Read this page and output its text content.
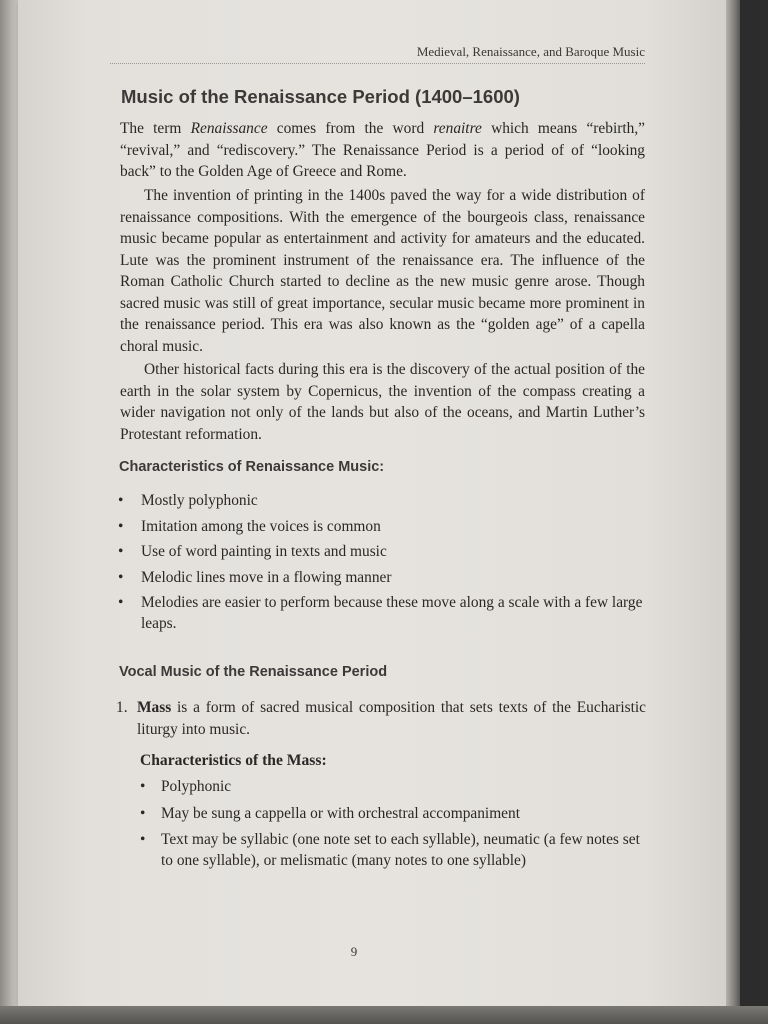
Medieval, Renaissance, and Baroque Music
Music of the Renaissance Period (1400–1600)

The term Renaissance comes from the word renaitre which means “rebirth,” “revival,” and “rediscovery.” The Renaissance Period is a period of of “looking back” to the Golden Age of Greece and Rome.

The invention of printing in the 1400s paved the way for a wide distribution of renaissance compositions. With the emergence of the bourgeois class, renaissance music became popular as entertainment and activity for amateurs and the educated. Lute was the prominent instrument of the renaissance era. The influence of the Roman Catholic Church started to decline as the new music genre arose. Though sacred music was still of great importance, secular music became more prominent in the renaissance period. This era was also known as the “golden age” of a capella choral music.

Other historical facts during this era is the discovery of the actual position of the earth in the solar system by Copernicus, the invention of the compass creating a wider navigation not only of the lands but also of the oceans, and Martin Luther’s Protestant reformation.

Characteristics of Renaissance Music:
• Mostly polyphonic
• Imitation among the voices is common
• Use of word painting in texts and music
• Melodic lines move in a flowing manner
• Melodies are easier to perform because these move along a scale with a few large leaps.
Vocal Music of the Renaissance Period
1. Mass is a form of sacred musical composition that sets texts of the Eucharistic liturgy into music.
Characteristics of the Mass:
• Polyphonic
• May be sung a cappella or with orchestral accompaniment
• Text may be syllabic (one note set to each syllable), neumatic (a few notes set to one syllable), or melismatic (many notes to one syllable)
9
